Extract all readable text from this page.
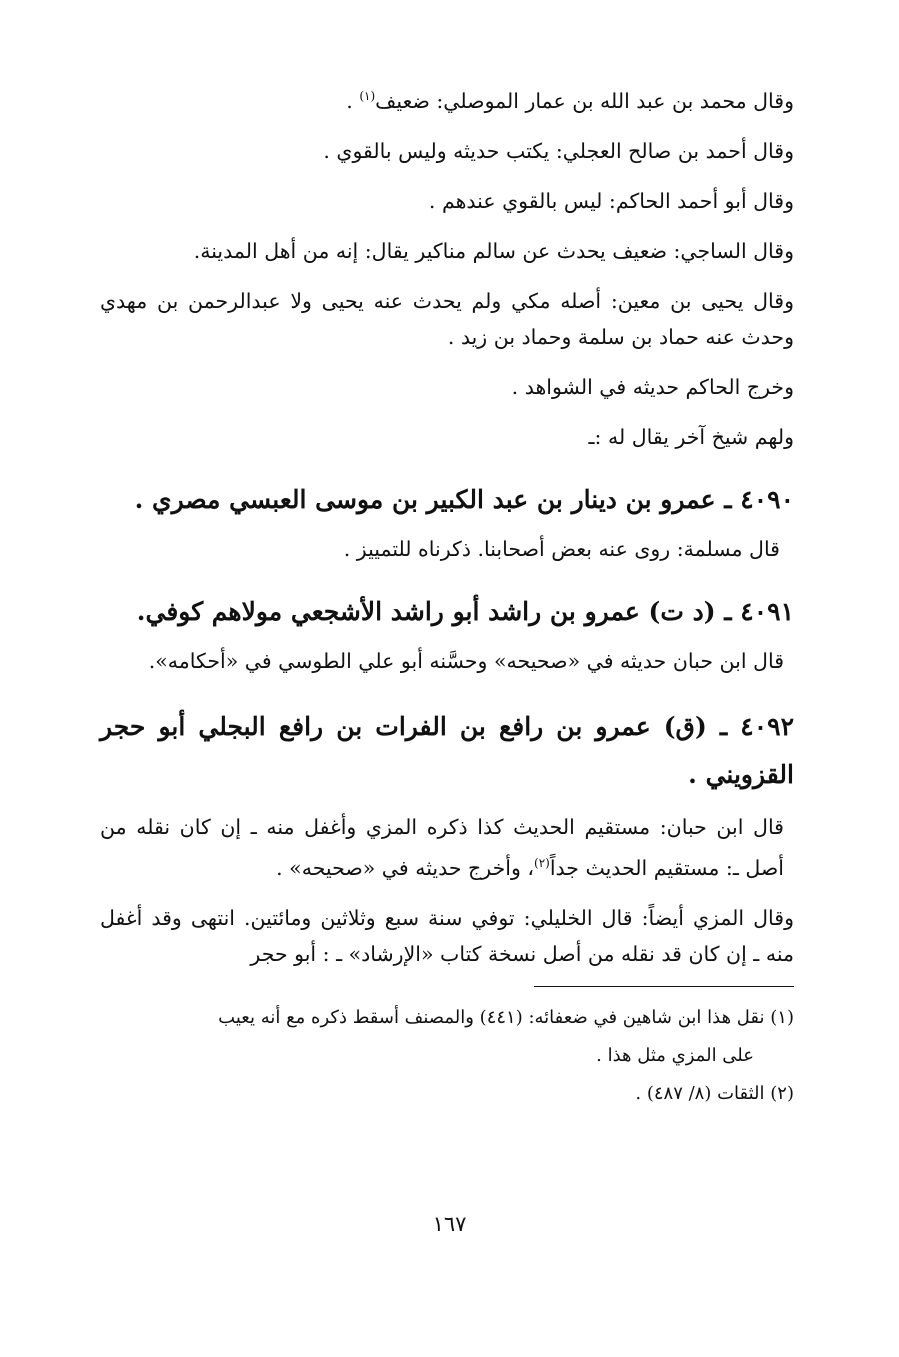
وقال محمد بن عبد الله بن عمار الموصلي: ضعيف$^{(١)}$ .

وقال أحمد بن صالح العجلي: يكتب حديثه وليس بالقوي .

وقال أبو أحمد الحاكم: ليس بالقوي عندهم .

وقال الساجي: ضعيف يحدث عن سالم مناكير يقال: إنه من أهل المدينة.

وقال يحيى بن معين: أصله مكي ولم يحدث عنه يحيى ولا عبدالرحمن بن مهدي وحدث عنه حماد بن سلمة وحماد بن زيد .

وخرج الحاكم حديثه في الشواهد .

ولهم شيخ آخر يقال له :ـ

٤٠٩٠ ـ عمرو بن دينار بن عبد الكبير بن موسى العبسي مصري .

قال مسلمة: روى عنه بعض أصحابنا. ذكرناه للتمييز .

٤٠٩١ ـ (د ت) عمرو بن راشد أبو راشد الأشجعي مولاهم كوفي.

قال ابن حبان حديثه في «صحيحه» وحسَّنه أبو علي الطوسي في «أحكامه».

٤٠٩٢ ـ (ق) عمرو بن رافع بن الفرات بن رافع البجلي أبو حجر القزويني .

قال ابن حبان: مستقيم الحديث كذا ذكره المزي وأغفل منه ـ إن كان نقله من أصل ـ: مستقيم الحديث جداً$^{(٢)}$، وأخرج حديثه في «صحيحه» .

وقال المزي أيضاً: قال الخليلي: توفي سنة سبع وثلاثين ومائتين. انتهى وقد أغفل منه ـ إن كان قد نقله من أصل نسخة كتاب «الإرشاد» ـ : أبو حجر

(١) نقل هذا ابن شاهين في ضعفائه: (٤٤١) والمصنف أسقط ذكره مع أنه يعيب

على المزي مثل هذا .

(٢) الثقات (٨/ ٤٨٧) .

١٦٧
